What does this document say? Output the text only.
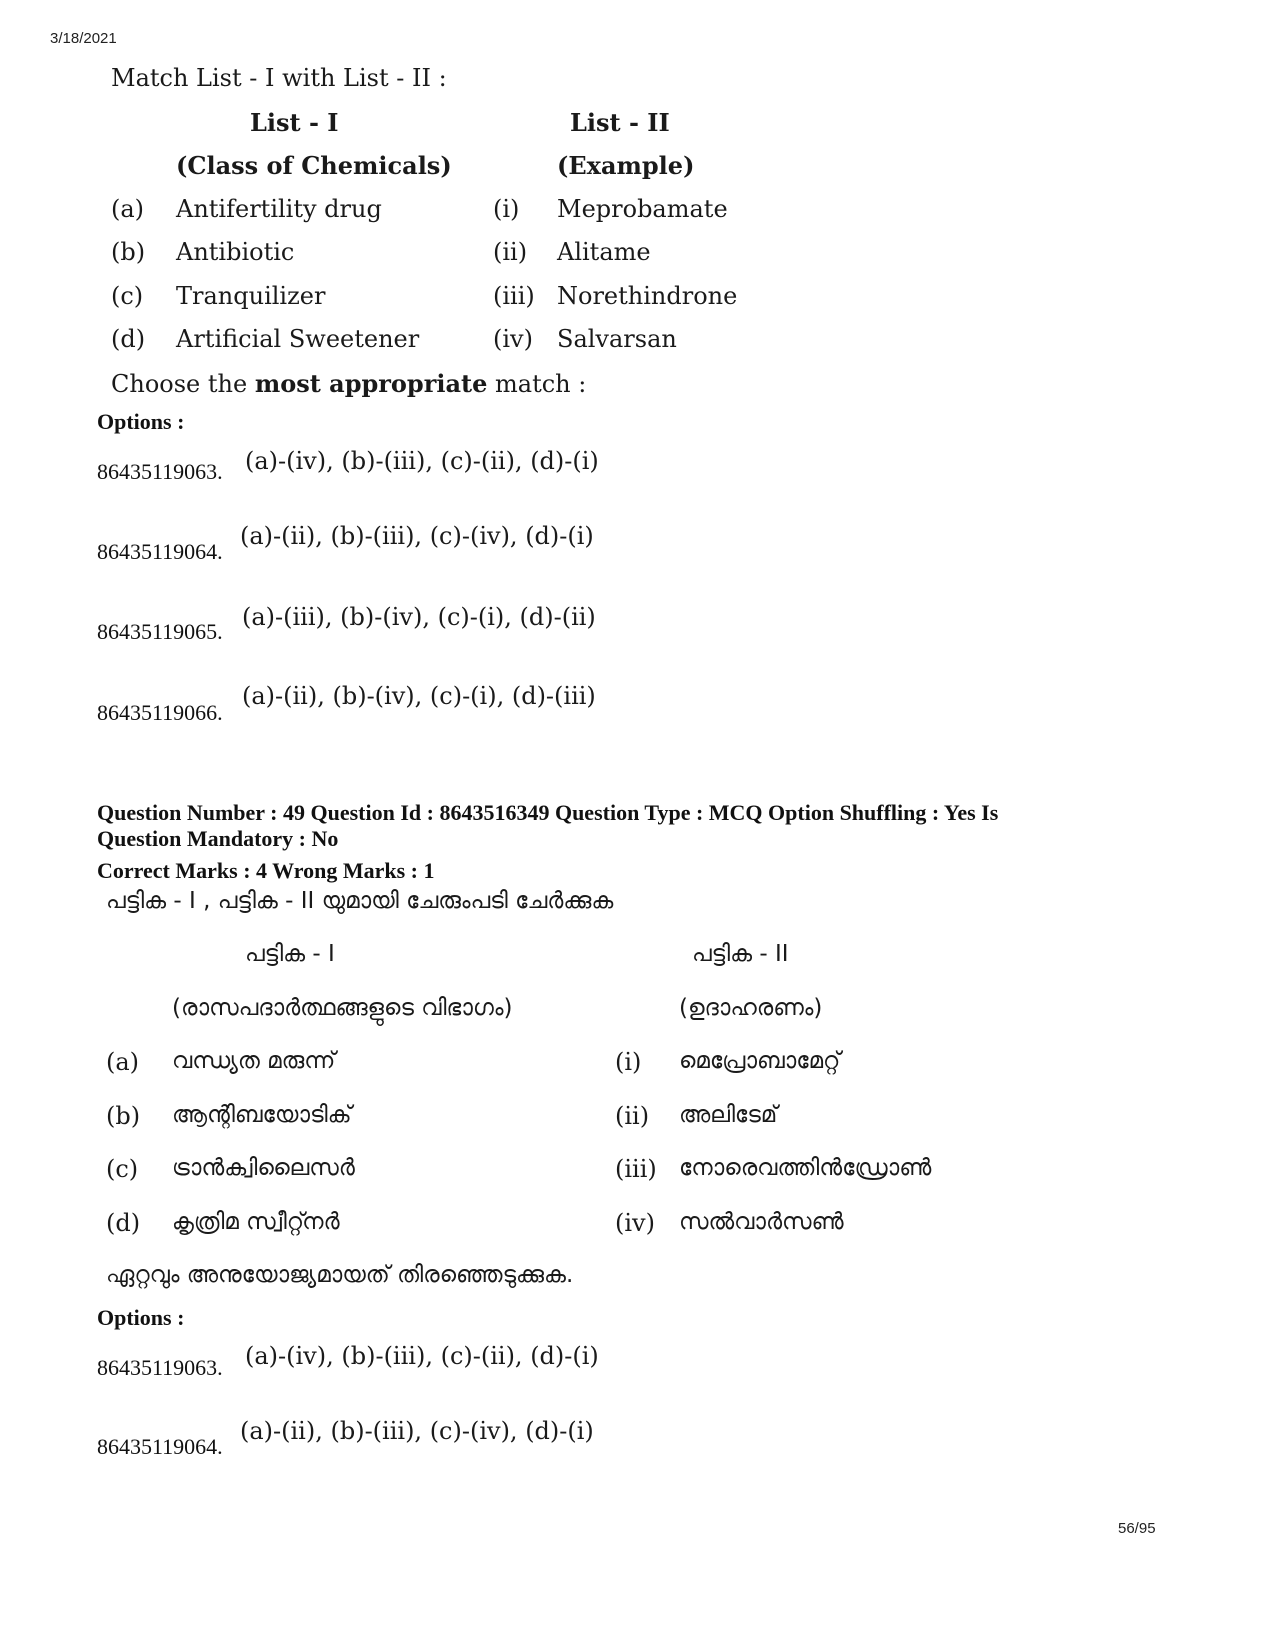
3/18/2021
Match List - I with List - II :
List - I	List - II
(Class of Chemicals)	(Example)
(a) Antifertility drug	(i) Meprobamate
(b) Antibiotic	(ii) Alitame
(c) Tranquilizer	(iii) Norethindrone
(d) Artificial Sweetener	(iv) Salvarsan
Choose the most appropriate match :
Options :
86435119063. (a)-(iv), (b)-(iii), (c)-(ii), (d)-(i)
86435119064.
(a)-(ii), (b)-(iii), (c)-(iv), (d)-(i)
86435119065.
(a)-(iii), (b)-(iv), (c)-(i), (d)-(ii)
86435119066.
(a)-(ii), (b)-(iv), (c)-(i), (d)-(iii)
Question Number : 49 Question Id : 8643516349 Question Type : MCQ Option Shuffling : Yes Is
Question Mandatory : No
Correct Marks : 4 Wrong Marks : 1
പട്ടിക - I , പട്ടിക - II യുമായി ചേരുംപടി ചേർക്കുക
പട്ടിക - I	പട്ടിക - II
(രാസപദാർത്ഥങ്ങളുടെ വിഭാഗം)	(ഉദാഹരണം)
(a) വന്ധ്യത മരുന്ന്	(i) മെപ്രോബാമേറ്റ്
(b) ആന്റിബയോടിക്	(ii) അലിടേമ്
(c) ട്രാൻക്വിലൈസർ	(iii) നോരെവത്തിൻഡ്രോൺ
(d) കൃത്രിമ സ്വീറ്റ്നർ	(iv) സൽവാർസൺ
ഏറ്റവും അനുയോജ്യമായത് തിരഞ്ഞെടുക്കുക.
Options :
86435119063. (a)-(iv), (b)-(iii), (c)-(ii), (d)-(i)
86435119064.
(a)-(ii), (b)-(iii), (c)-(iv), (d)-(i)
56/95
